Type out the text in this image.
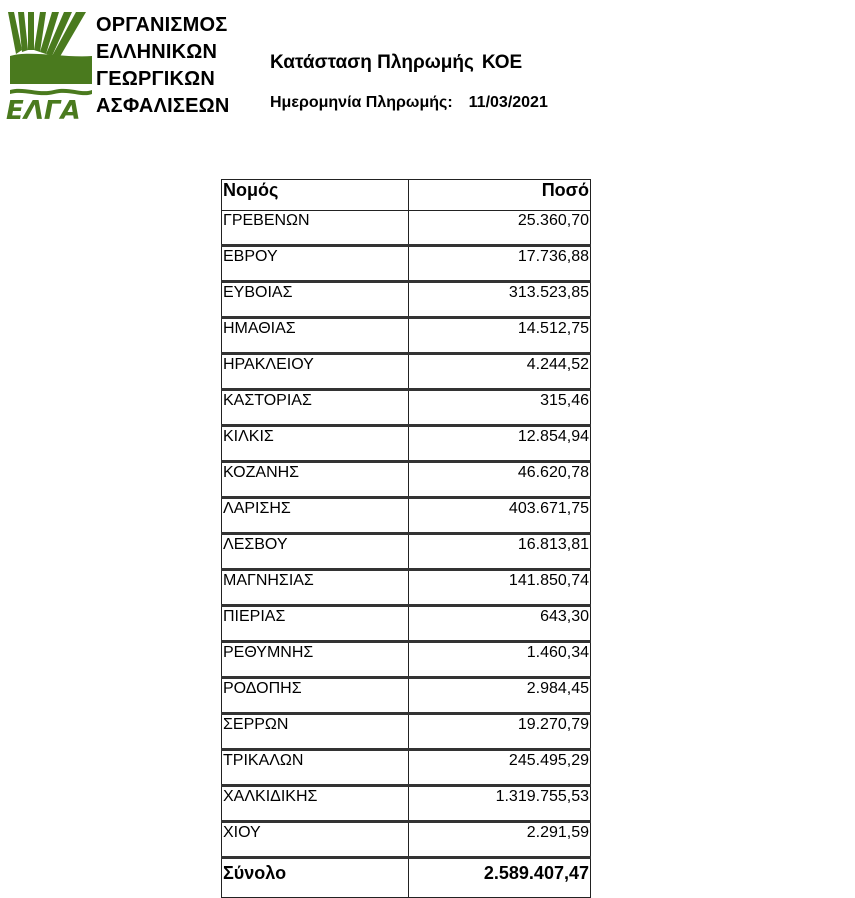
ΕΛΓΑ
ΟΡΓΑΝΙΣΜΟΣ
ΕΛΛΗΝΙΚΩΝ
ΓΕΩΡΓΙΚΩΝ
ΑΣΦΑΛΙΣΕΩΝ
Κατάσταση Πληρωμής ΚΟΕ
Ημερομηνία Πληρωμής: 11/03/2021
Νομός	Ποσό
ΓΡΕΒΕΝΩΝ	25.360,70
ΕΒΡΟΥ	17.736,88
ΕΥΒΟΙΑΣ	313.523,85
ΗΜΑΘΙΑΣ	14.512,75
ΗΡΑΚΛΕΙΟΥ	4.244,52
ΚΑΣΤΟΡΙΑΣ	315,46
ΚΙΛΚΙΣ	12.854,94
ΚΟΖΑΝΗΣ	46.620,78
ΛΑΡΙΣΗΣ	403.671,75
ΛΕΣΒΟΥ	16.813,81
ΜΑΓΝΗΣΙΑΣ	141.850,74
ΠΙΕΡΙΑΣ	643,30
ΡΕΘΥΜΝΗΣ	1.460,34
ΡΟΔΟΠΗΣ	2.984,45
ΣΕΡΡΩΝ	19.270,79
ΤΡΙΚΑΛΩΝ	245.495,29
ΧΑΛΚΙΔΙΚΗΣ	1.319.755,53
ΧΙΟΥ	2.291,59
Σύνολο	2.589.407,47
